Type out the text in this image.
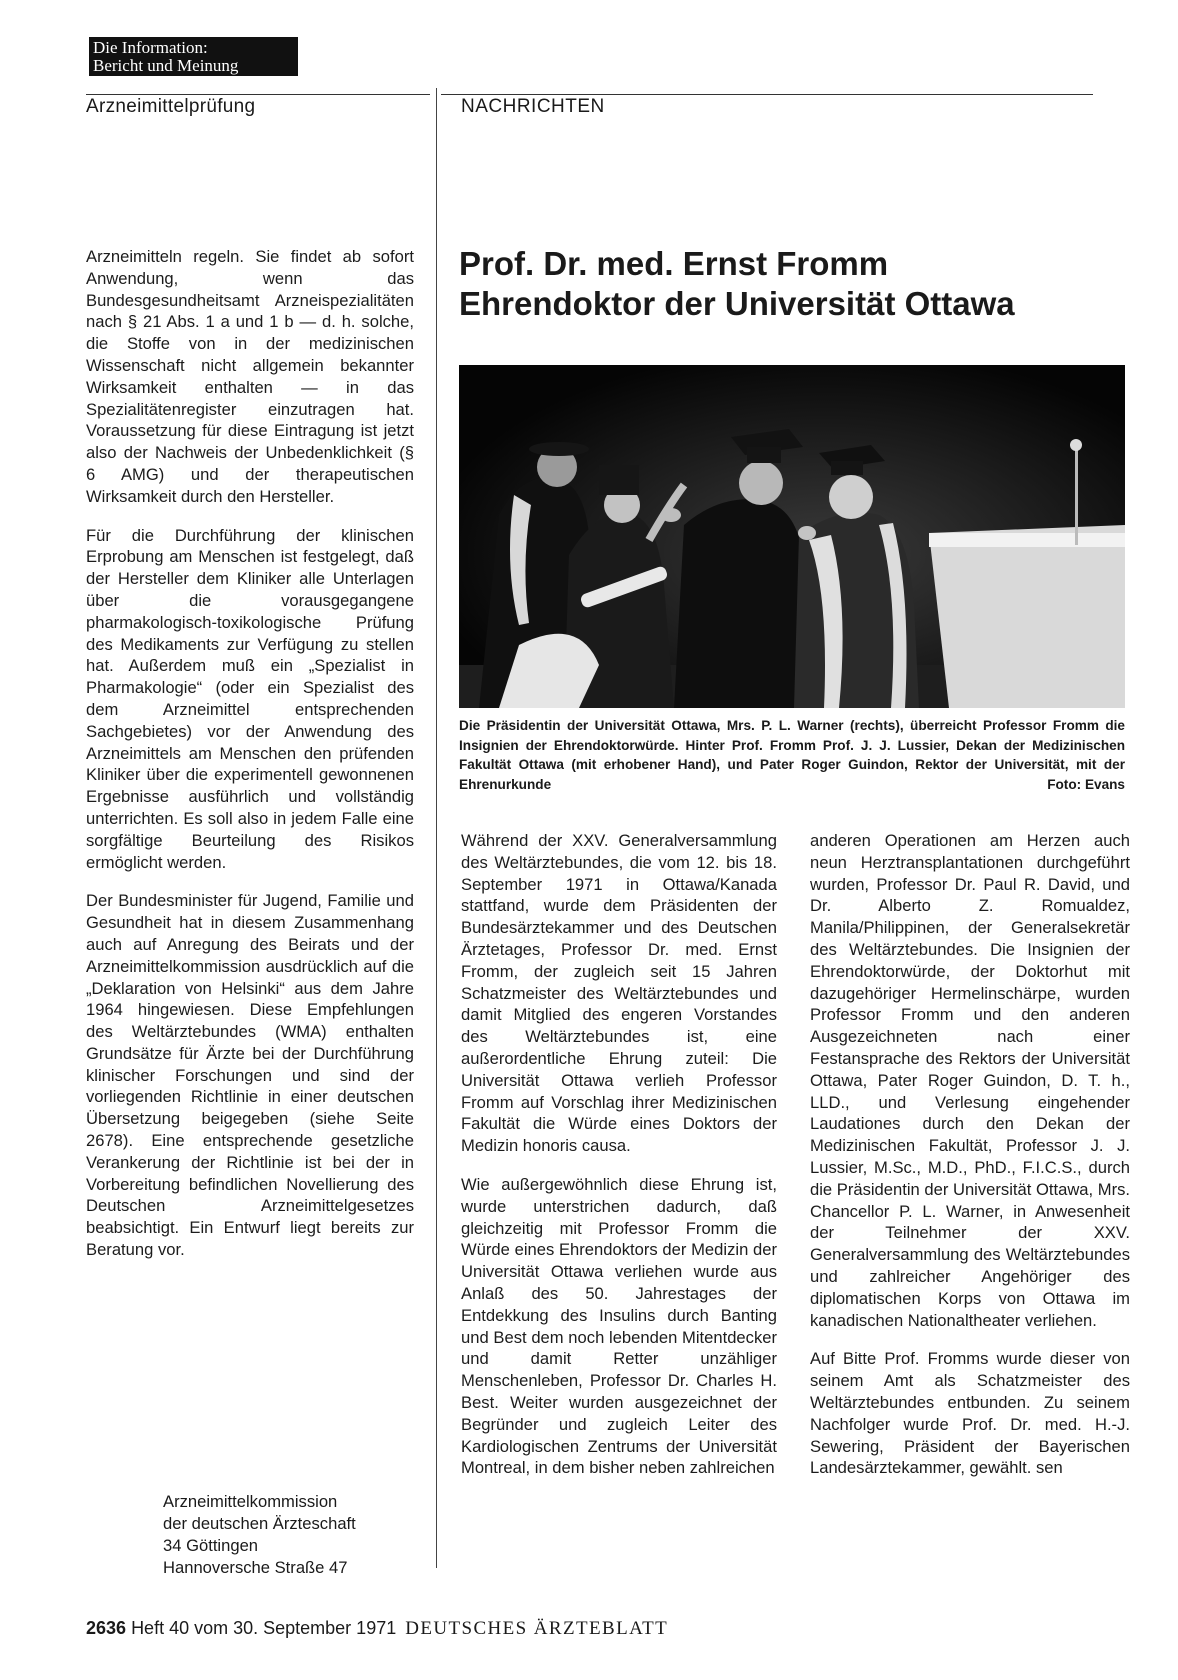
Die Information:
Bericht und Meinung
Arzneimittelprüfung	NACHRICHTEN

Arzneimitteln regeln. Sie findet ab sofort Anwendung, wenn das Bundesgesundheitsamt Arzneispezialitäten nach § 21 Abs. 1 a und 1 b — d. h. solche, die Stoffe von in der medizinischen Wissenschaft nicht allgemein bekannter Wirksamkeit enthalten — in das Spezialitätenregister einzutragen hat. Voraussetzung für diese Eintragung ist jetzt also der Nachweis der Unbedenklichkeit (§ 6 AMG) und der therapeutischen Wirksamkeit durch den Hersteller.

Für die Durchführung der klinischen Erprobung am Menschen ist festgelegt, daß der Hersteller dem Kliniker alle Unterlagen über die vorausgegangene pharmakologisch-toxikologische Prüfung des Medikaments zur Verfügung zu stellen hat. Außerdem muß ein „Spezialist in Pharmakologie“ (oder ein Spezialist des dem Arzneimittel entsprechenden Sachgebietes) vor der Anwendung des Arzneimittels am Menschen den prüfenden Kliniker über die experimentell gewonnenen Ergebnisse ausführlich und vollständig unterrichten. Es soll also in jedem Falle eine sorgfältige Beurteilung des Risikos ermöglicht werden.

Der Bundesminister für Jugend, Familie und Gesundheit hat in diesem Zusammenhang auch auf Anregung des Beirats und der Arzneimittelkommission ausdrücklich auf die „Deklaration von Helsinki“ aus dem Jahre 1964 hingewiesen. Diese Empfehlungen des Weltärztebundes (WMA) enthalten Grundsätze für Ärzte bei der Durchführung klinischer Forschungen und sind der vorliegenden Richtlinie in einer deutschen Übersetzung beigegeben (siehe Seite 2678). Eine entsprechende gesetzliche Verankerung der Richtlinie ist bei der in Vorbereitung befindlichen Novellierung des Deutschen Arzneimittelgesetzes beabsichtigt. Ein Entwurf liegt bereits zur Beratung vor.

Arzneimittelkommission
der deutschen Ärzteschaft
34 Göttingen
Hannoversche Straße 47
Prof. Dr. med. Ernst Fromm
Ehrendoktor der Universität Ottawa
Die Präsidentin der Universität Ottawa, Mrs. P. L. Warner (rechts), überreicht Professor Fromm die Insignien der Ehrendoktorwürde. Hinter Prof. Fromm Prof. J. J. Lussier, Dekan der Medizinischen Fakultät Ottawa (mit erhobener Hand), und Pater Roger Guindon, Rektor der Universität, mit der Ehrenurkunde	Foto: Evans

Während der XXV. Generalversammlung des Weltärztebundes, die vom 12. bis 18. September 1971 in Ottawa/Kanada stattfand, wurde dem Präsidenten der Bundesärztekammer und des Deutschen Ärztetages, Professor Dr. med. Ernst Fromm, der zugleich seit 15 Jahren Schatzmeister des Weltärztebundes und damit Mitglied des engeren Vorstandes des Weltärztebundes ist, eine außerordentliche Ehrung zuteil: Die Universität Ottawa verlieh Professor Fromm auf Vorschlag ihrer Medizinischen Fakultät die Würde eines Doktors der Medizin honoris causa.

Wie außergewöhnlich diese Ehrung ist, wurde unterstrichen dadurch, daß gleichzeitig mit Professor Fromm die Würde eines Ehrendoktors der Medizin der Universität Ottawa verliehen wurde aus Anlaß des 50. Jahrestages der Entdekkung des Insulins durch Banting und Best dem noch lebenden Mitentdecker und damit Retter unzähliger Menschenleben, Professor Dr. Charles H. Best. Weiter wurden ausgezeichnet der Begründer und zugleich Leiter des Kardiologischen Zentrums der Universität Montreal, in dem bisher neben zahlreichen

anderen Operationen am Herzen auch neun Herztransplantationen durchgeführt wurden, Professor Dr. Paul R. David, und Dr. Alberto Z. Romualdez, Manila/Philippinen, der Generalsekretär des Weltärztebundes. Die Insignien der Ehrendoktorwürde, der Doktorhut mit dazugehöriger Hermelinschärpe, wurden Professor Fromm und den anderen Ausgezeichneten nach einer Festansprache des Rektors der Universität Ottawa, Pater Roger Guindon, D. T. h., LLD., und Verlesung eingehender Laudationes durch den Dekan der Medizinischen Fakultät, Professor J. J. Lussier, M.Sc., M.D., PhD., F.I.C.S., durch die Präsidentin der Universität Ottawa, Mrs. Chancellor P. L. Warner, in Anwesenheit der Teilnehmer der XXV. Generalversammlung des Weltärztebundes und zahlreicher Angehöriger des diplomatischen Korps von Ottawa im kanadischen Nationaltheater verliehen.

Auf Bitte Prof. Fromms wurde dieser von seinem Amt als Schatzmeister des Weltärztebundes entbunden. Zu seinem Nachfolger wurde Prof. Dr. med. H.-J. Sewering, Präsident der Bayerischen Landesärztekammer, gewählt. sen

2636 Heft 40 vom 30. September 1971 DEUTSCHES ÄRZTEBLATT
